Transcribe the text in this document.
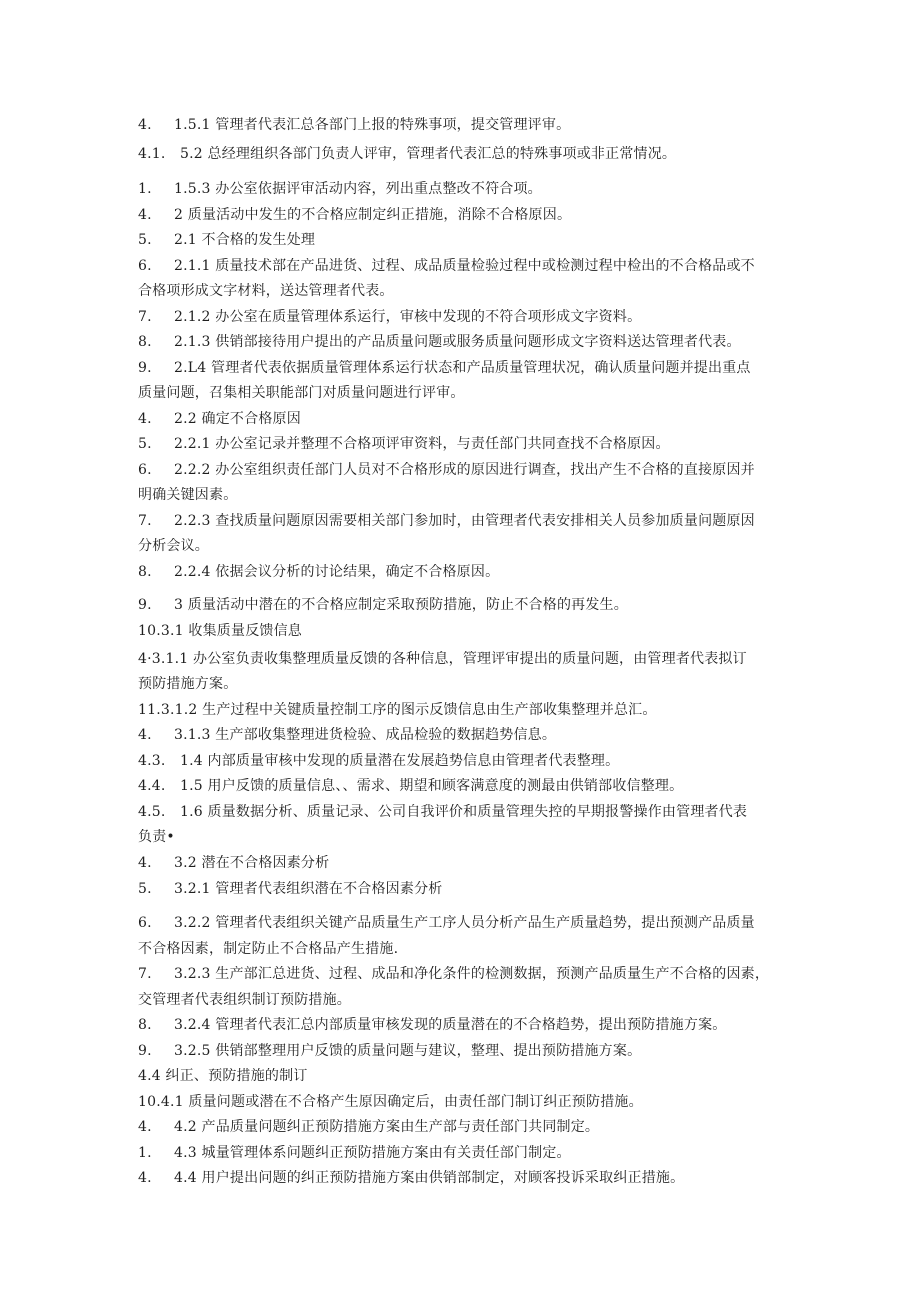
4. 1.5.1 管理者代表汇总各部门上报的特殊事项，提交管理评审。
4.1. 5.2 总经理组织各部门负责人评审，管理者代表汇总的特殊事项或非正常情况。
1. 1.5.3 办公室依据评审活动内容，列出重点整改不符合项。
4. 2 质量活动中发生的不合格应制定纠正措施，消除不合格原因。
5. 2.1 不合格的发生处理
6. 2.1.1 质量技术部在产品进货、过程、成品质量检验过程中或检测过程中检出的不合格品或不
合格项形成文字材料，送达管理者代表。
7. 2.1.2 办公室在质量管理体系运行，审核中发现的不符合项形成文字资料。
8. 2.1.3 供销部接待用户提出的产品质量问题或服务质量问题形成文字资料送达管理者代表。
9. 2.L4 管理者代表依据质量管理体系运行状态和产品质量管理状况，确认质量问题并提出重点
质量问题，召集相关职能部门对质量问题进行评审。
4. 2.2 确定不合格原因
5. 2.2.1 办公室记录并整理不合格项评审资料，与责任部门共同查找不合格原因。
6. 2.2.2 办公室组织责任部门人员对不合格形成的原因进行调查，找出产生不合格的直接原因并
明确关键因素。
7. 2.2.3 查找质量问题原因需要相关部门参加时，由管理者代表安排相关人员参加质量问题原因
分析会议。
8. 2.2.4 依据会议分析的讨论结果，确定不合格原因。
9. 3 质量活动中潜在的不合格应制定采取预防措施，防止不合格的再发生。
10.3.1 收集质量反馈信息
4·3.1.1 办公室负责收集整理质量反馈的各种信息，管理评审提出的质量问题，由管理者代表拟订
预防措施方案。
11.3.1.2 生产过程中关键质量控制工序的图示反馈信息由生产部收集整理并总汇。
4. 3.1.3 生产部收集整理进货检验、成品检验的数据趋势信息。
4.3. 1.4 内部质量审核中发现的质量潜在发展趋势信息由管理者代表整理。
4.4. 1.5 用户反馈的质量信息、、需求、期望和顾客满意度的测最由供销部收信整理。
4.5. 1.6 质量数据分析、质量记录、公司自我评价和质量管理失控的早期报警操作由管理者代表
负责•
4. 3.2 潜在不合格因素分析
5. 3.2.1 管理者代表组织潜在不合格因素分析
6. 3.2.2 管理者代表组织关键产品质量生产工序人员分析产品生产质量趋势，提出预测产品质量
不合格因素，制定防止不合格品产生措施.
7. 3.2.3 生产部汇总进货、过程、成品和净化条件的检测数据，预测产品质量生产不合格的因素，
交管理者代表组织制订预防措施。
8. 3.2.4 管理者代表汇总内部质量审核发现的质量潜在的不合格趋势，提出预防措施方案。
9. 3.2.5 供销部整理用户反馈的质量问题与建议，整理、提出预防措施方案。
4.4 纠正、预防措施的制订
10.4.1 质量问题或潜在不合格产生原因确定后，由责任部门制订纠正预防措施。
4. 4.2 产品质量问题纠正预防措施方案由生产部与责任部门共同制定。
1. 4.3 城量管理体系问题纠正预防措施方案由有关责任部门制定。
4. 4.4 用户提出问题的纠正预防措施方案由供销部制定，对顾客投诉采取纠正措施。
